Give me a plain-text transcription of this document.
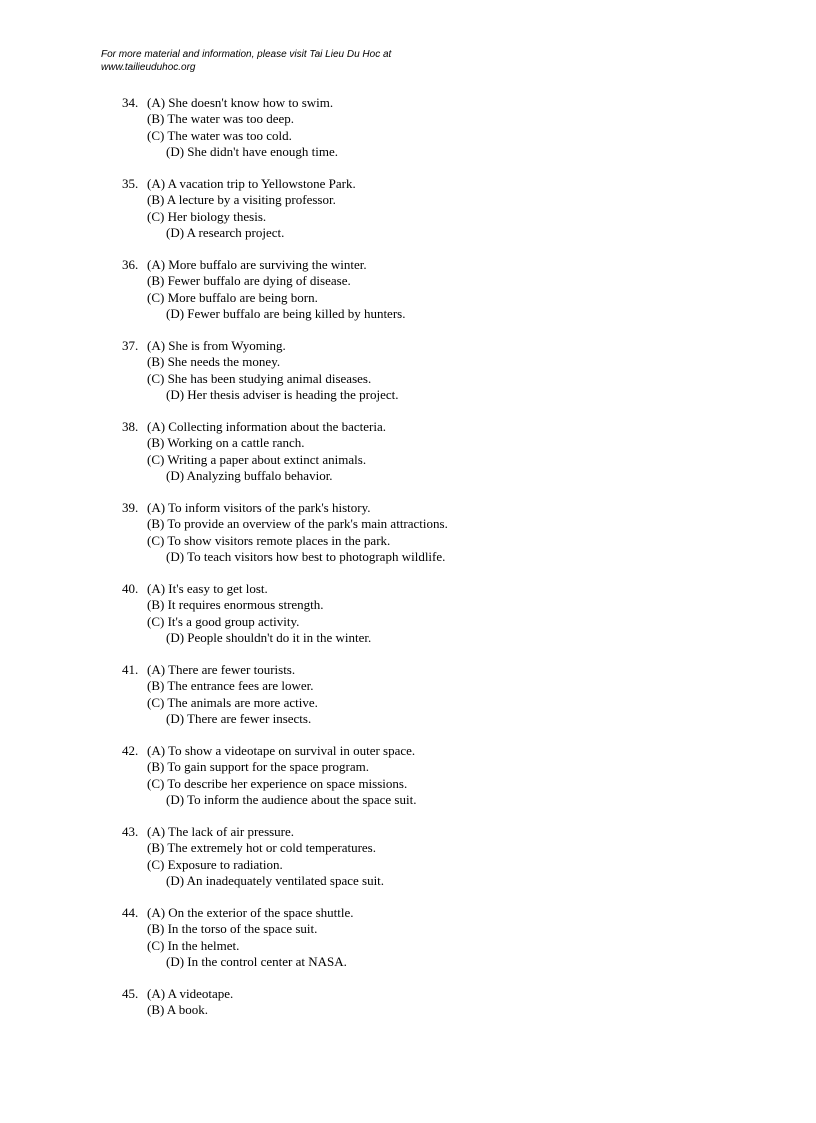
For more material and information, please visit Tai Lieu Du Hoc at
www.tailieuduhoc.org
34. (A) She doesn't know how to swim.
(B) The water was too deep.
(C) The water was too cold.
(D) She didn't have enough time.
35. (A) A vacation trip to Yellowstone Park.
(B) A lecture by a visiting professor.
(C) Her biology thesis.
(D) A research project.
36. (A) More buffalo are surviving the winter.
(B) Fewer buffalo are dying of disease.
(C) More buffalo are being born.
(D) Fewer buffalo are being killed by hunters.
37. (A) She is from Wyoming.
(B) She needs the money.
(C) She has been studying animal diseases.
(D) Her thesis adviser is heading the project.
38. (A) Collecting information about the bacteria.
(B) Working on a cattle ranch.
(C) Writing a paper about extinct animals.
(D) Analyzing buffalo behavior.
39. (A) To inform visitors of the park's history.
(B) To provide an overview of the park's main attractions.
(C) To show visitors remote places in the park.
(D) To teach visitors how best to photograph wildlife.
40. (A) It's easy to get lost.
(B) It requires enormous strength.
(C) It's a good group activity.
(D) People shouldn't do it in the winter.
41. (A) There are fewer tourists.
(B) The entrance fees are lower.
(C) The animals are more active.
(D) There are fewer insects.
42. (A) To show a videotape on survival in outer space.
(B) To gain support for the space program.
(C) To describe her experience on space missions.
(D) To inform the audience about the space suit.
43. (A) The lack of air pressure.
(B) The extremely hot or cold temperatures.
(C) Exposure to radiation.
(D) An inadequately ventilated space suit.
44. (A) On the exterior of the space shuttle.
(B) In the torso of the space suit.
(C) In the helmet.
(D) In the control center at NASA.
45. (A) A videotape.
(B) A book.
